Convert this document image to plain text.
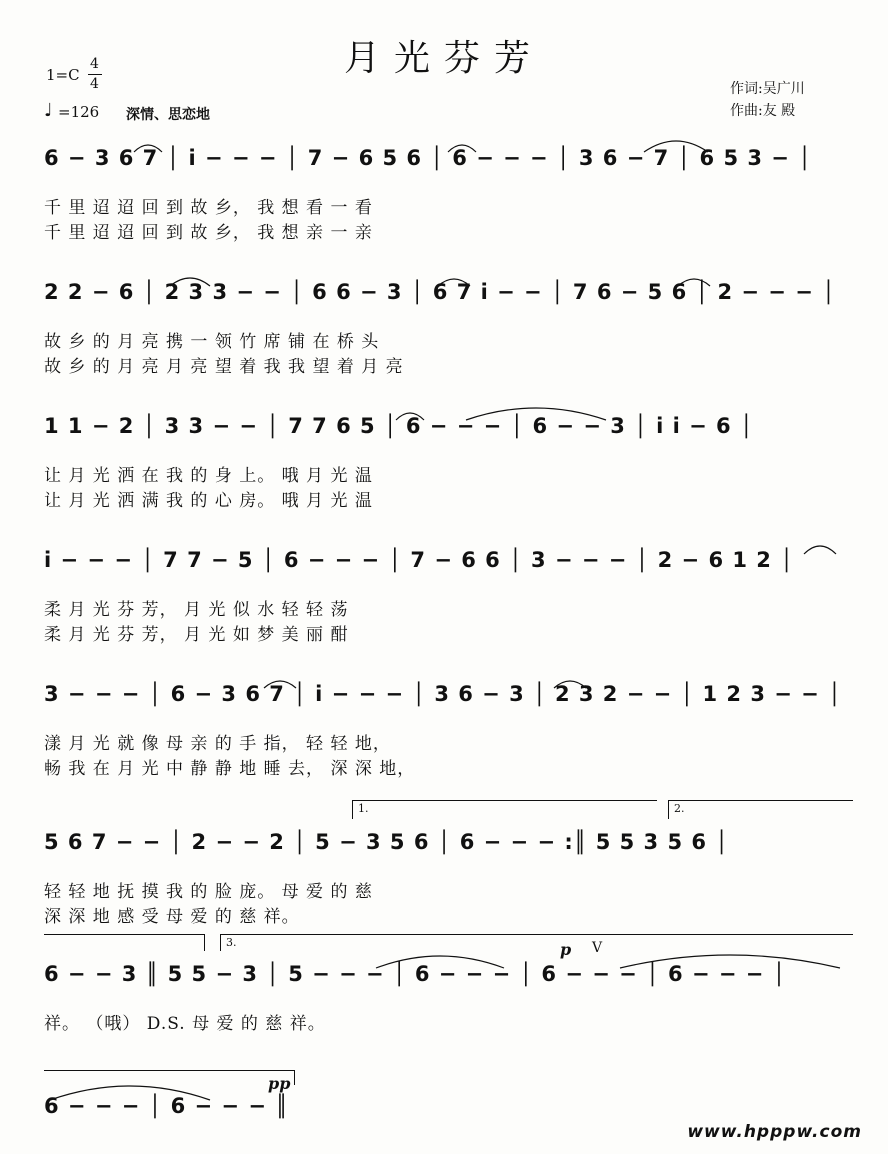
月光芬芳
1=C
4
4
♩ =126 深情、思恋地
作词:吴广川
作曲:友 殿
6 − 3 6 7 │ i − − − │ 7 − 6 5 6 │ 6 − − − │ 3 6 − 7 │ 6 5 3 − │
千 里 迢 迢 回 到 故 乡， 我 想 看 一 看
千 里 迢 迢 回 到 故 乡， 我 想 亲 一 亲
2 2 − 6 │ 2 3 3 − − │ 6 6 − 3 │ 6 7 i − − │ 7 6 − 5 6 │ 2 − − − │
故 乡 的 月 亮 携 一 领 竹 席 铺 在 桥 头
故 乡 的 月 亮 月 亮 望 着 我 我 望 着 月 亮
1 1 − 2 │ 3 3 − − │ 7 7 6 5 │ 6 − − − │ 6 − − 3 │ i i − 6 │
让 月 光 洒 在 我 的 身 上。 哦 月 光 温
让 月 光 洒 满 我 的 心 房。 哦 月 光 温
i − − − │ 7 7 − 5 │ 6 − − − │ 7 − 6 6 │ 3 − − − │ 2 − 6 1 2 │
柔 月 光 芬 芳， 月 光 似 水 轻 轻 荡
柔 月 光 芬 芳， 月 光 如 梦 美 丽 酣
3 − − − │ 6 − 3 6 7 │ i − − − │ 3 6 − 3 │ 2 3 2 − − │ 1 2 3 − − │
漾 月 光 就 像 母 亲 的 手 指， 轻 轻 地，
畅 我 在 月 光 中 静 静 地 睡 去， 深 深 地，
1.	2.
5 6 7 − − │ 2 − − 2 │ 5 − 3 5 6 │ 6 − − − :║ 5 5 3 5 6 │
轻 轻 地 抚 摸 我 的 脸 庞。 母 爱 的 慈
深 深 地 感 受 母 爱 的 慈 祥。
3.	p V
6 − − 3 ║ 5 5 − 3 │ 5 − − − │ 6 − − − │ 6 − − − │ 6 − − − │
祥。 （哦） D.S. 母 爱 的 慈 祥。
pp
6 − − − │ 6 − − − ║
www.hpppw.com
